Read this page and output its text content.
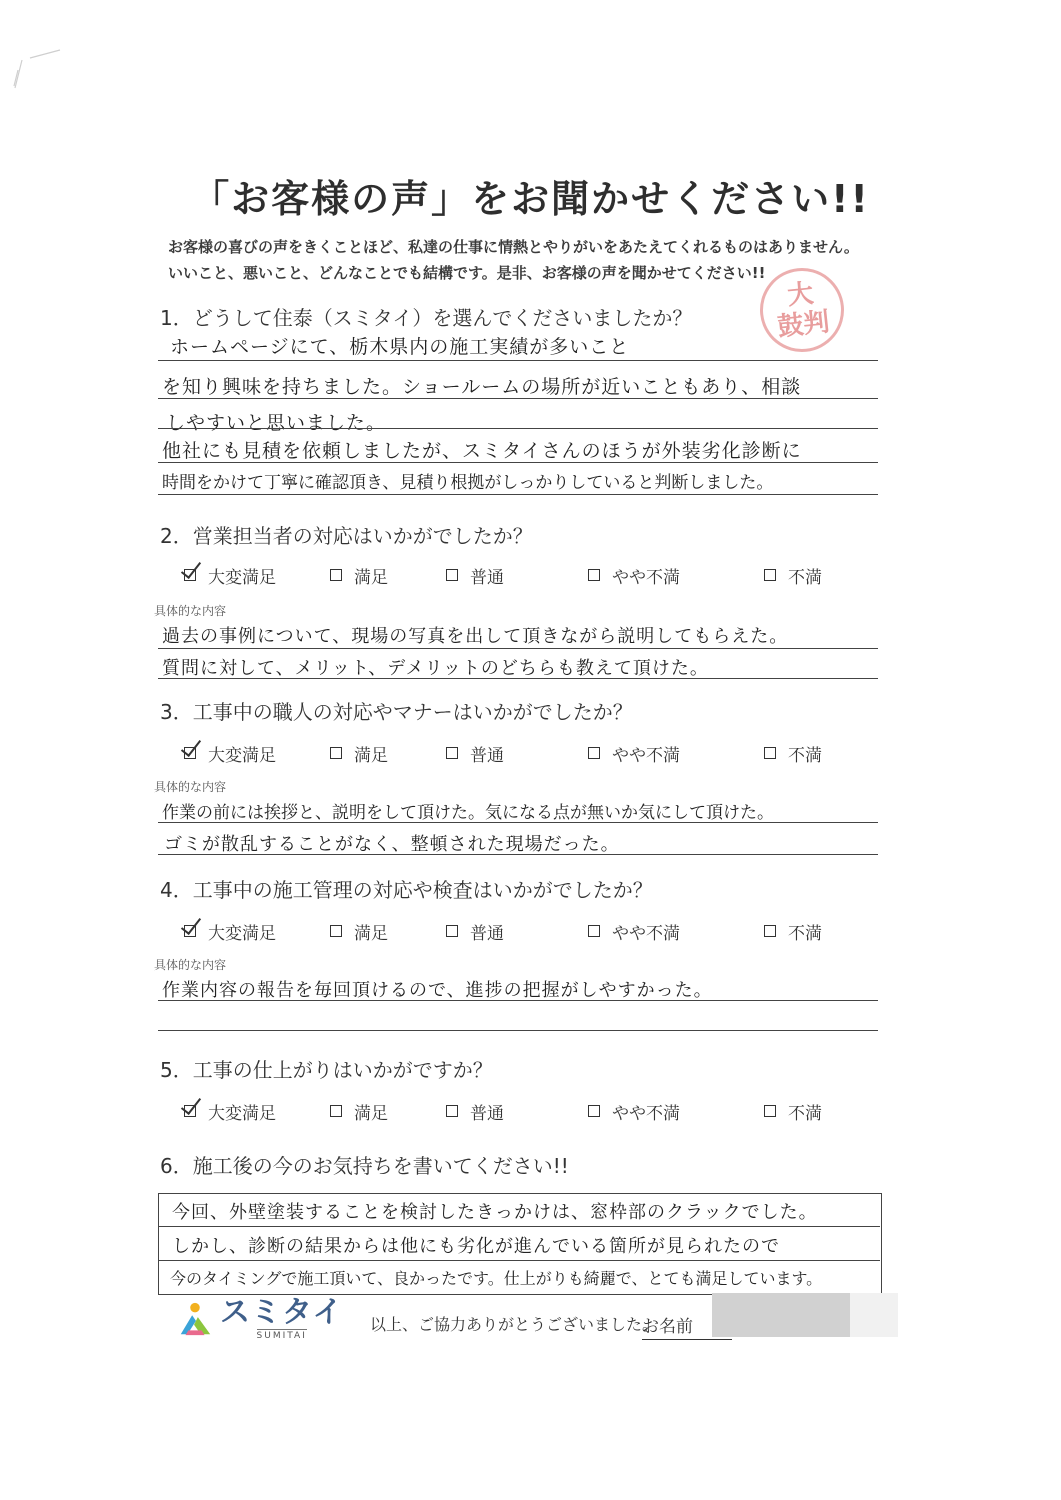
「お客様の声」をお聞かせください!!
お客様の喜びの声をきくことほど、私達の仕事に情熱とやりがいをあたえてくれるものはありません。
いいこと、悪いこと、どんなことでも結構です。是非、お客様の声を聞かせてください!!
大
鼓判
1．どうして住泰（スミタイ）を選んでくださいましたか？
ホームページにて、栃木県内の施工実績が多いこと
を知り興味を持ちました。ショールームの場所が近いこともあり、相談
しやすいと思いました。
他社にも見積を依頼しましたが、スミタイさんのほうが外装劣化診断に
時間をかけて丁寧に確認頂き、見積り根拠がしっかりしていると判断しました。
2．営業担当者の対応はいかがでしたか？
大変満足	満足	普通	やや不満	不満
具体的な内容
過去の事例について、現場の写真を出して頂きながら説明してもらえた。
質問に対して、メリット、デメリットのどちらも教えて頂けた。
3．工事中の職人の対応やマナーはいかがでしたか？
大変満足	満足	普通	やや不満	不満
具体的な内容
作業の前には挨拶と、説明をして頂けた。気になる点が無いか気にして頂けた。
ゴミが散乱することがなく、整頓された現場だった。
4．工事中の施工管理の対応や検査はいかがでしたか？
大変満足	満足	普通	やや不満	不満
具体的な内容
作業内容の報告を毎回頂けるので、進捗の把握がしやすかった。
5．工事の仕上がりはいかがですか？
大変満足	満足	普通	やや不満	不満
6．施工後の今のお気持ちを書いてください!!
今回、外壁塗装することを検討したきっかけは、窓枠部のクラックでした。
しかし、診断の結果からは他にも劣化が進んでいる箇所が見られたので
今のタイミングで施工頂いて、良かったです。仕上がりも綺麗で、とても満足しています。
スミタイ
SUMITAI
以上、ご協力ありがとうございました。
お名前
